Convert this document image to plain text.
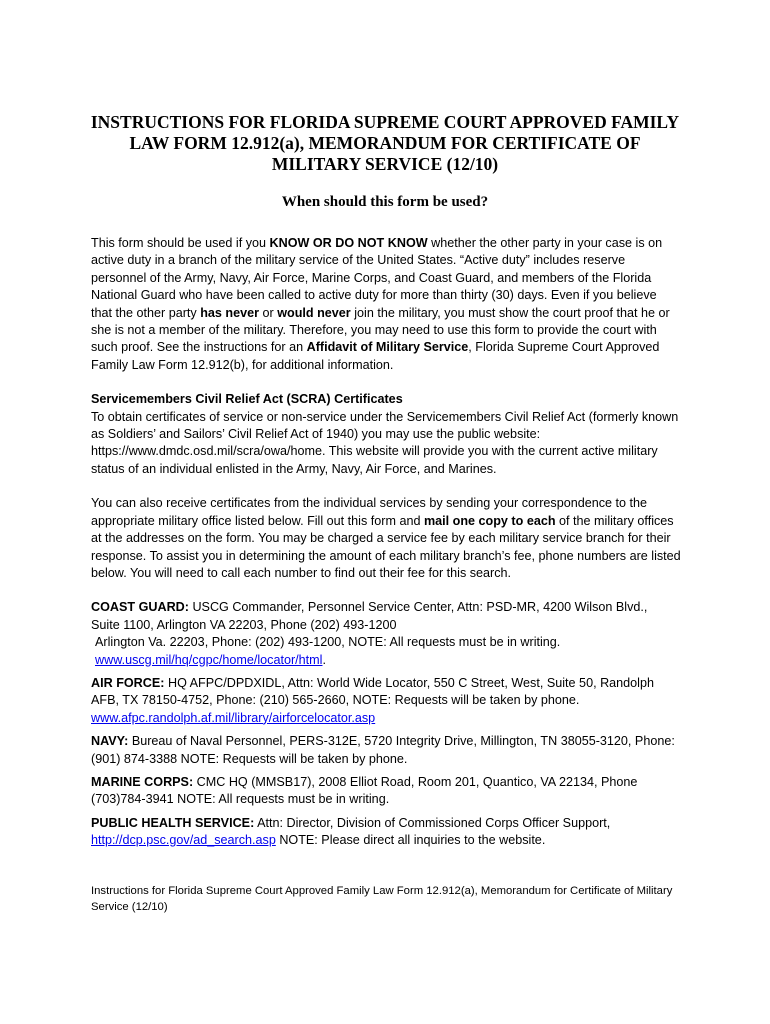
INSTRUCTIONS FOR FLORIDA SUPREME COURT APPROVED FAMILY
LAW FORM 12.912(a), MEMORANDUM FOR CERTIFICATE OF
MILITARY SERVICE (12/10)
When should this form be used?

This form should be used if you KNOW OR DO NOT KNOW whether the other party in your case is on active duty in a branch of the military service of the United States. “Active duty” includes reserve personnel of the Army, Navy, Air Force, Marine Corps, and Coast Guard, and members of the Florida National Guard who have been called to active duty for more than thirty (30) days. Even if you believe that the other party has never or would never join the military, you must show the court proof that he or she is not a member of the military. Therefore, you may need to use this form to provide the court with such proof. See the instructions for an Affidavit of Military Service, Florida Supreme Court Approved Family Law Form 12.912(b), for additional information.

Servicemembers Civil Relief Act (SCRA) Certificates
To obtain certificates of service or non-service under the Servicemembers Civil Relief Act (formerly known as Soldiers’ and Sailors’ Civil Relief Act of 1940) you may use the public website: https://www.dmdc.osd.mil/scra/owa/home. This website will provide you with the current active military status of an individual enlisted in the Army, Navy, Air Force, and Marines.

You can also receive certificates from the individual services by sending your correspondence to the appropriate military office listed below. Fill out this form and mail one copy to each of the military offices at the addresses on the form. You may be charged a service fee by each military service branch for their response. To assist you in determining the amount of each military branch’s fee, phone numbers are listed below. You will need to call each number to find out their fee for this search.

COAST GUARD: USCG Commander, Personnel Service Center, Attn: PSD-MR, 4200 Wilson Blvd.,
Suite 1100, Arlington VA 22203, Phone (202) 493-1200
Arlington Va. 22203, Phone: (202) 493-1200, NOTE: All requests must be in writing.
www.uscg.mil/hq/cgpc/home/locator/html.

AIR FORCE: HQ AFPC/DPDXIDL, Attn: World Wide Locator, 550 C Street, West, Suite 50, Randolph AFB, TX 78150-4752, Phone: (210) 565-2660, NOTE: Requests will be taken by phone.
www.afpc.randolph.af.mil/library/airforcelocator.asp

NAVY: Bureau of Naval Personnel, PERS-312E, 5720 Integrity Drive, Millington, TN 38055-3120, Phone: (901) 874-3388 NOTE: Requests will be taken by phone.

MARINE CORPS: CMC HQ (MMSB17), 2008 Elliot Road, Room 201, Quantico, VA 22134, Phone (703)784-3941 NOTE: All requests must be in writing.

PUBLIC HEALTH SERVICE: Attn: Director, Division of Commissioned Corps Officer Support,
http://dcp.psc.gov/ad_search.asp NOTE: Please direct all inquiries to the website.

Instructions for Florida Supreme Court Approved Family Law Form 12.912(a), Memorandum for Certificate of Military Service (12/10)
